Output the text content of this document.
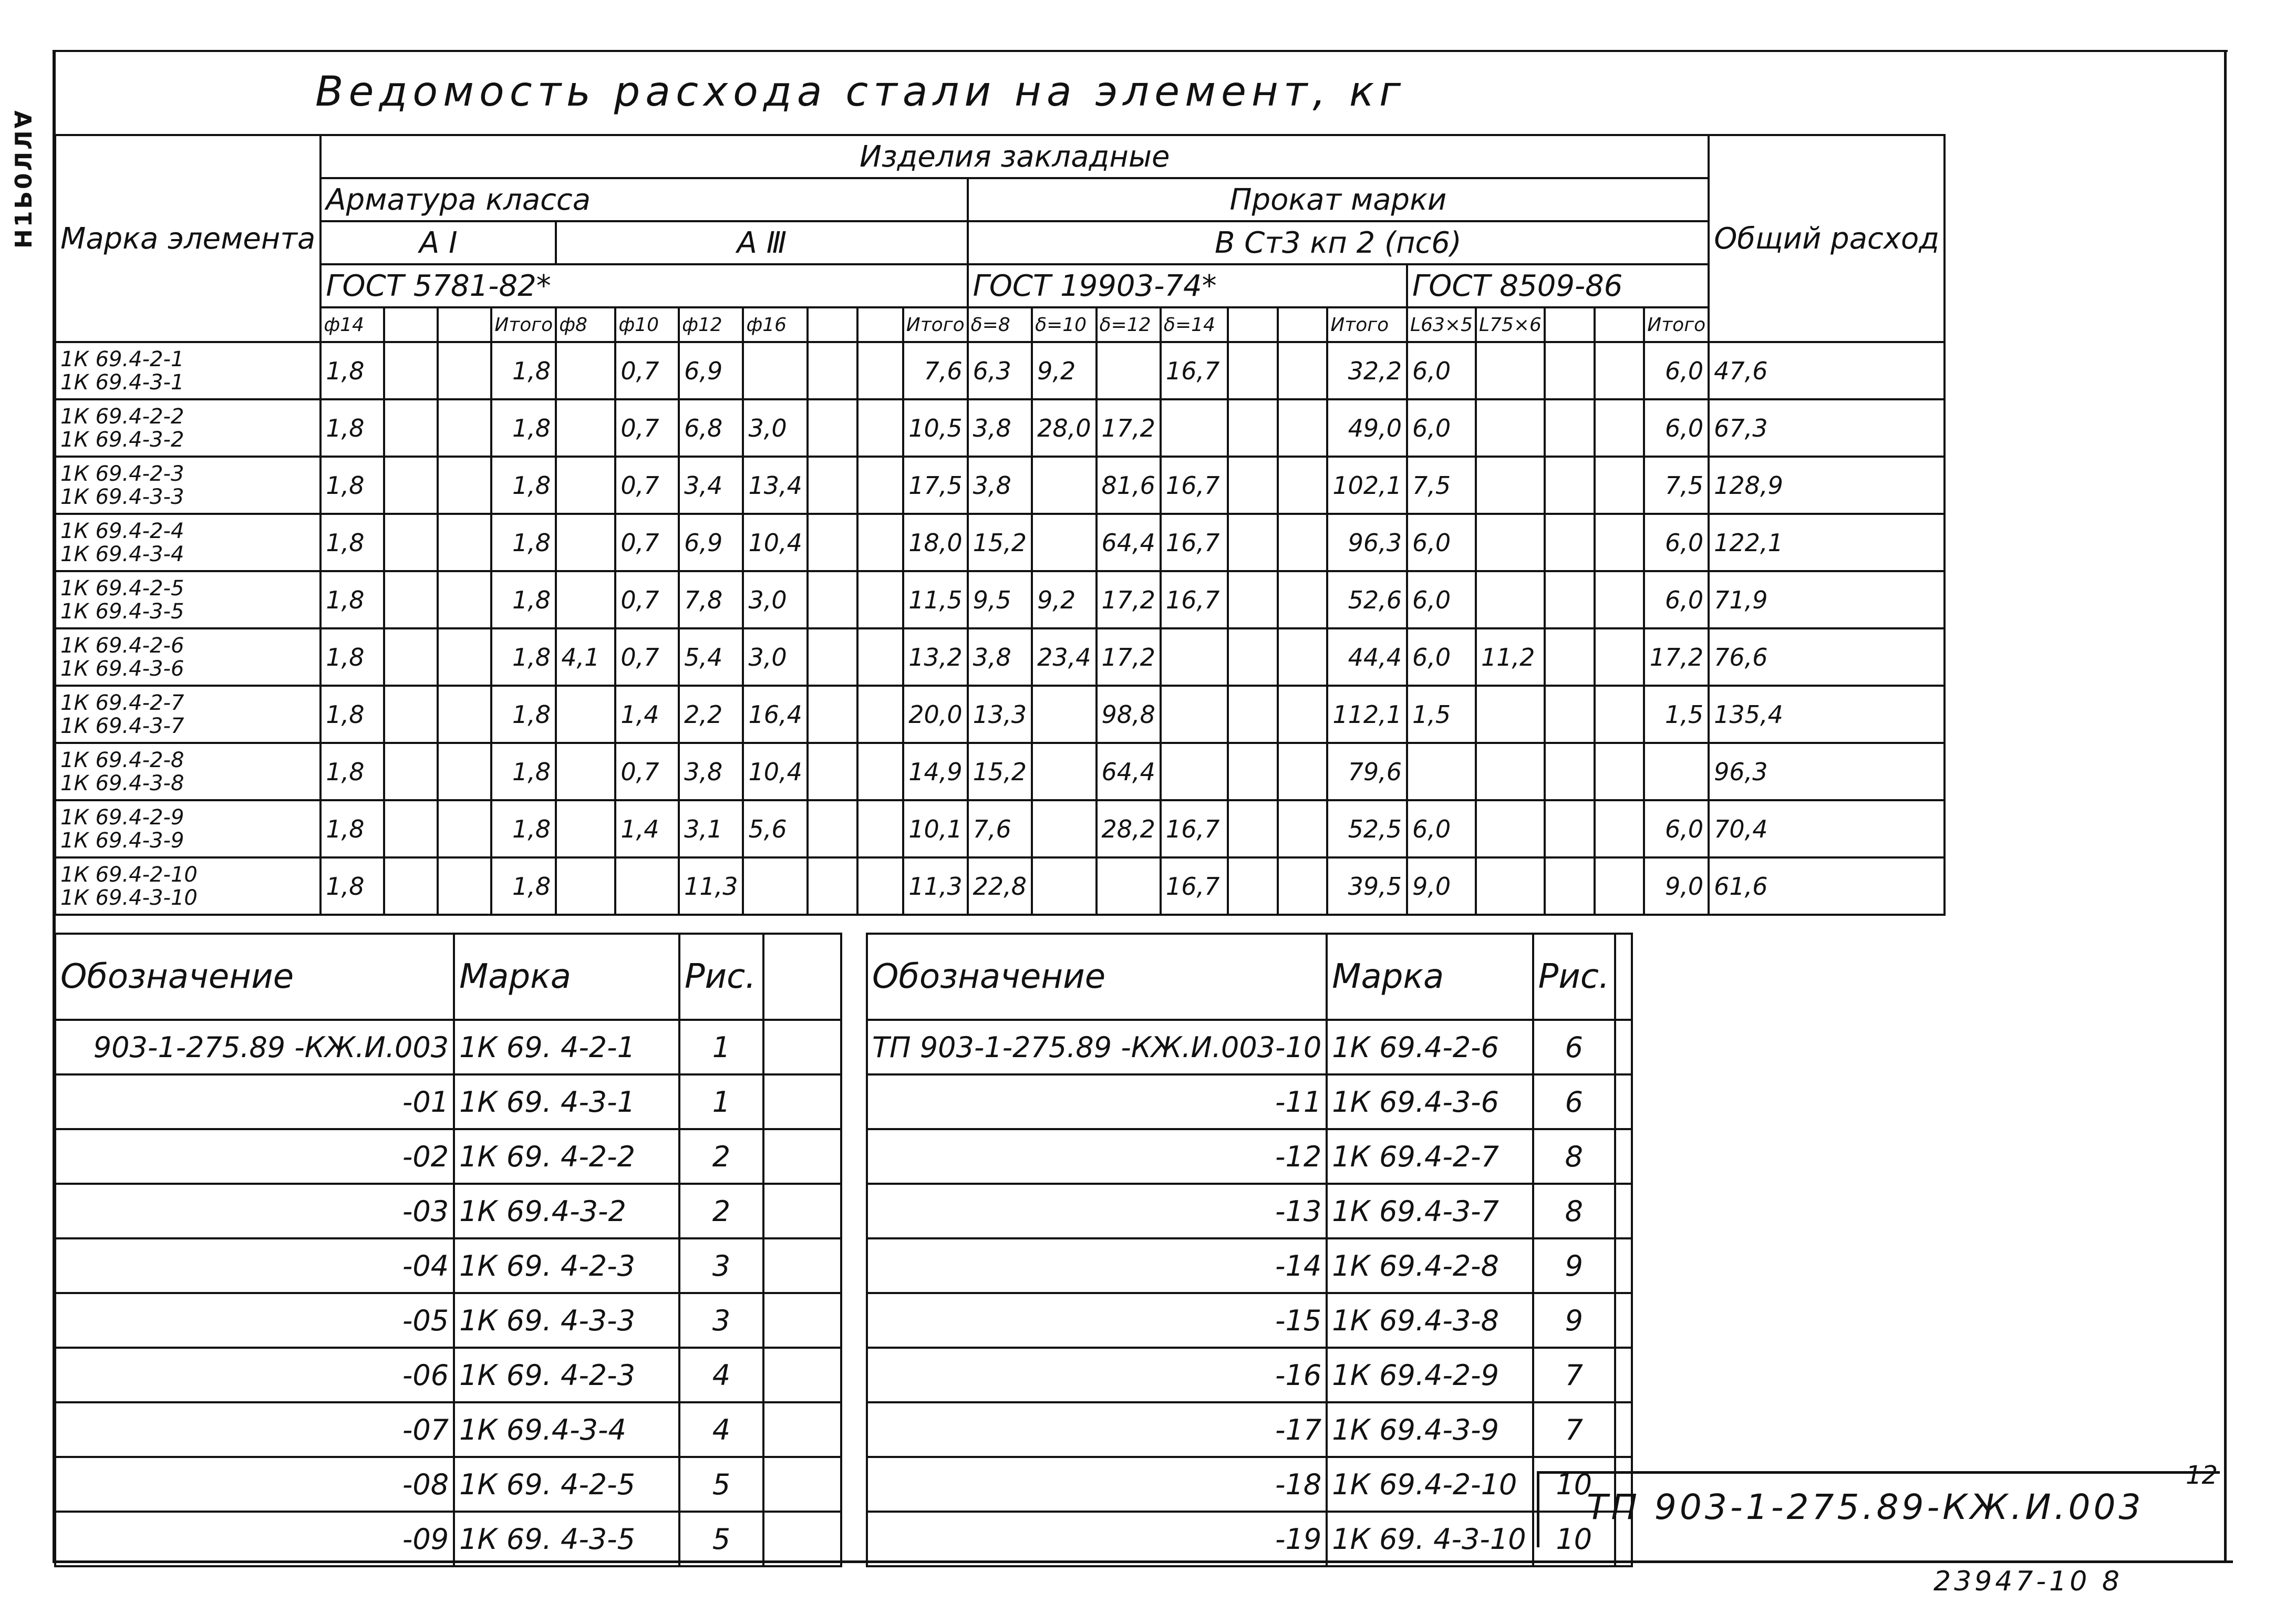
Н1Ь0ЛЛ∀
Ведомость расхода стали на элемент, кг
Марка элемента	Изделия закладные																							Общий расход
	Арматура класса											Прокат марки												
	A I				A Ⅲ							В Ст3 кп 2 (пс6)												
	ГОСТ 5781-82*											ГОСТ 19903-74*							ГОСТ 8509-86					
	ф14			Итого	ф8	ф10	ф12	ф16			Итого	δ=8	δ=10	δ=12	δ=14			Итого	L63×5	L75×6			Итого	

1К 69.4-2-1
1К 69.4-3-1	1,8			1,8		0,7	6,9				7,6	6,3	9,2		16,7			32,2	6,0				6,0	47,6

1К 69.4-2-2
1К 69.4-3-2	1,8			1,8		0,7	6,8	3,0			10,5	3,8	28,0	17,2				49,0	6,0				6,0	67,3

1К 69.4-2-3
1К 69.4-3-3	1,8			1,8		0,7	3,4	13,4			17,5	3,8		81,6	16,7			102,1	7,5				7,5	128,9

1К 69.4-2-4
1К 69.4-3-4	1,8			1,8		0,7	6,9	10,4			18,0	15,2		64,4	16,7			96,3	6,0				6,0	122,1

1К 69.4-2-5
1К 69.4-3-5	1,8			1,8		0,7	7,8	3,0			11,5	9,5	9,2	17,2	16,7			52,6	6,0				6,0	71,9

1К 69.4-2-6
1К 69.4-3-6	1,8			1,8	4,1	0,7	5,4	3,0			13,2	3,8	23,4	17,2				44,4	6,0	11,2			17,2	76,6

1К 69.4-2-7
1К 69.4-3-7	1,8			1,8		1,4	2,2	16,4			20,0	13,3		98,8				112,1	1,5				1,5	135,4

1К 69.4-2-8
1К 69.4-3-8	1,8			1,8		0,7	3,8	10,4			14,9	15,2		64,4				79,6						96,3

1К 69.4-2-9
1К 69.4-3-9	1,8			1,8		1,4	3,1	5,6			10,1	7,6		28,2	16,7			52,5	6,0				6,0	70,4

1К 69.4-2-10
1К 69.4-3-10	1,8			1,8			11,3				11,3	22,8			16,7			39,5	9,0				9,0	61,6
Обозначение	Марка	Рис.	
903-1-275.89 -КЖ.И.003	1К 69. 4-2-1	1	
-01	1К 69. 4-3-1	1	
-02	1К 69. 4-2-2	2	
-03	1К 69.4-3-2	2	
-04	1К 69. 4-2-3	3	
-05	1К 69. 4-3-3	3	
-06	1К 69. 4-2-3	4	
-07	1К 69.4-3-4	4	
-08	1К 69. 4-2-5	5	
-09	1К 69. 4-3-5	5	
Обозначение	Марка	Рис.	
ТП 903-1-275.89 -КЖ.И.003-10	1К 69.4-2-6	6	
-11	1К 69.4-3-6	6	
-12	1К 69.4-2-7	8	
-13	1К 69.4-3-7	8	
-14	1К 69.4-2-8	9	
-15	1К 69.4-3-8	9	
-16	1К 69.4-2-9	7	
-17	1К 69.4-3-9	7	
-18	1К 69.4-2-10	10	
-19	1К 69. 4-3-10	10	
ТП 903-1-275.89-КЖ.И.003
12
23947-10 8
